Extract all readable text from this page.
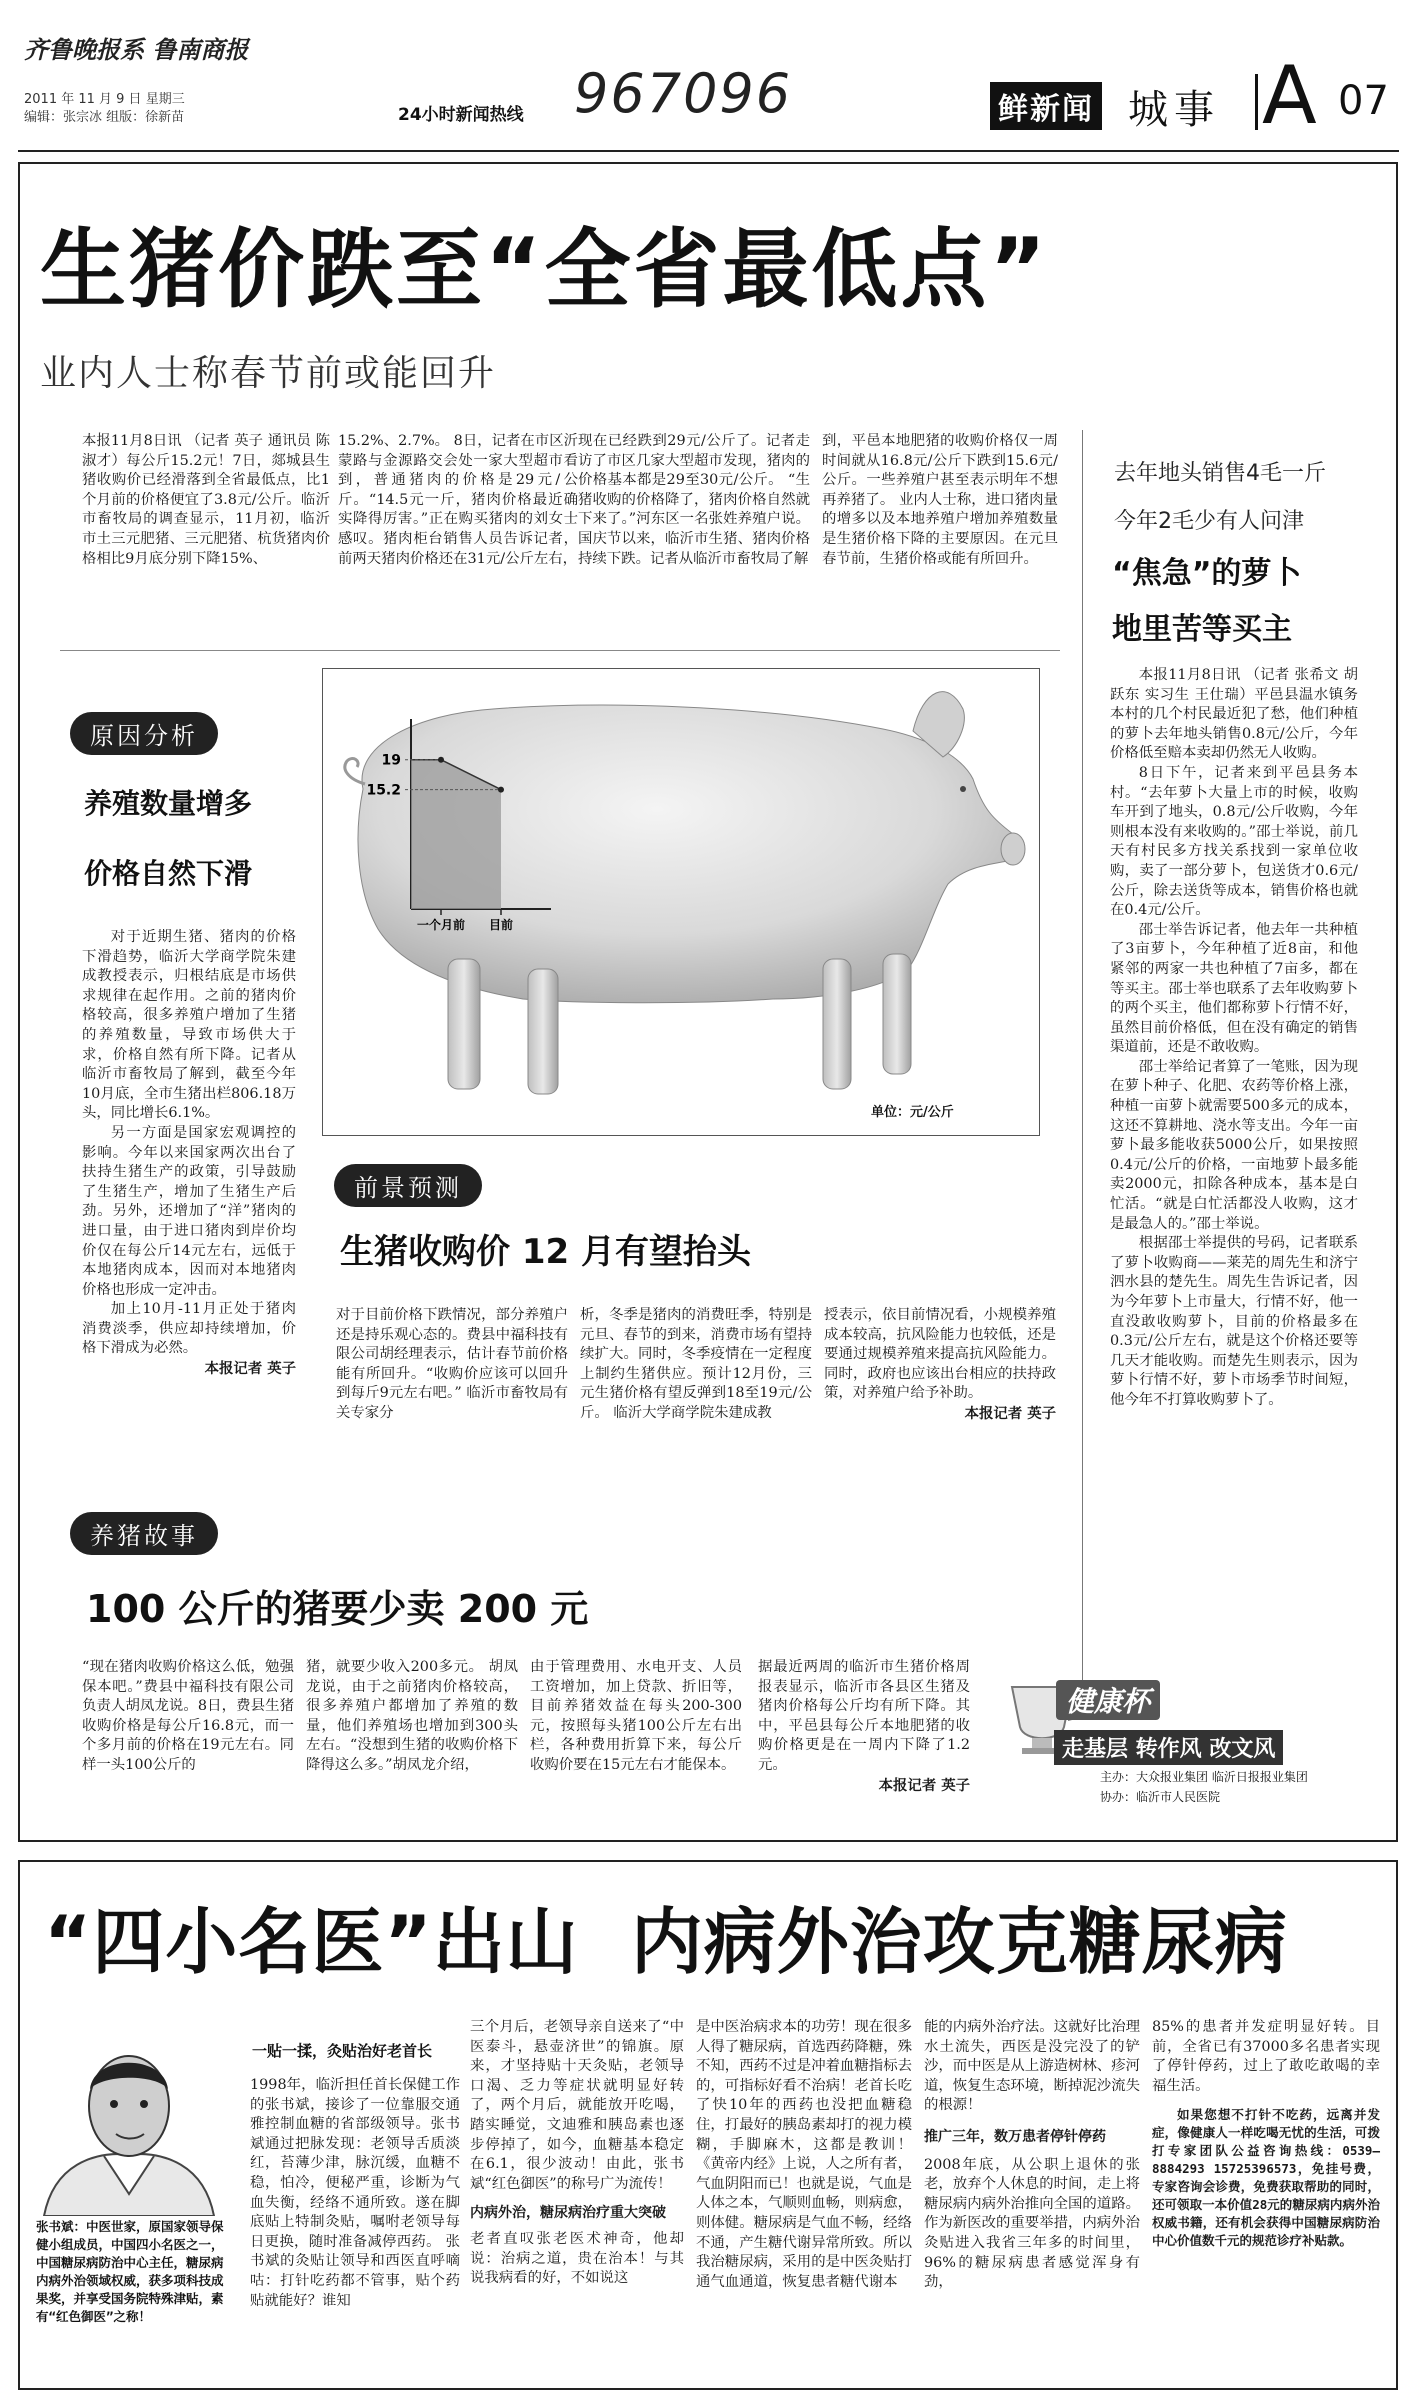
齐鲁晚报系 鲁南商报
2011 年 11 月 9 日 星期三
编辑：张宗冰 组版：徐新苗	24小时新闻热线 967096	鲜新闻 城事 A 07
生猪价跌至“全省最低点”
业内人士称春节前或能回升
本报11月8日讯 （记者 英子 通讯员 陈淑才）每公斤15.2元！7日，郯城县生猪收购价已经滑落到全省最低点，比1个月前的价格便宜了3.8元/公斤。临沂市畜牧局的调查显示，11月初，临沂市土三元肥猪、三元肥猪、杭货猪肉价格相比9月底分别下降15%、
15.2%、2.7%。 8日，记者在市区沂蒙路与金源路交会处一家大型超市看到，普通猪肉的价格是29元/公斤。“14.5元一斤，猪肉价格最近确实降得厉害。”正在购买猪肉的刘女士感叹。猪肉柜台销售人员告诉记者，前两天猪肉价格还在31元/公斤左右，
现在已经跌到29元/公斤了。记者走访了市区几家大型超市发现，猪肉的价格基本都是29至30元/公斤。 “生猪收购的价格降了，猪肉价格自然就下来了。”河东区一名张姓养殖户说。国庆节以来，临沂市生猪、猪肉价格持续下跌。记者从临沂市畜牧局了解
到，平邑本地肥猪的收购价格仅一周时间就从16.8元/公斤下跌到15.6元/公斤。一些养殖户甚至表示明年不想再养猪了。 业内人士称，进口猪肉量的增多以及本地养殖户增加养殖数量是生猪价格下降的主要原因。在元旦春节前，生猪价格或能有所回升。
19
15.2
一个月前 目前
单位：元/公斤
原因分析
养殖数量增多
价格自然下滑

对于近期生猪、猪肉的价格下滑趋势，临沂大学商学院朱建成教授表示，归根结底是市场供求规律在起作用。之前的猪肉价格较高，很多养殖户增加了生猪的养殖数量，导致市场供大于求，价格自然有所下降。记者从临沂市畜牧局了解到，截至今年10月底，全市生猪出栏806.18万头，同比增长6.1%。

另一方面是国家宏观调控的影响。今年以来国家两次出台了扶持生猪生产的政策，引导鼓励了生猪生产，增加了生猪生产后劲。另外，还增加了“洋”猪肉的进口量，由于进口猪肉到岸价均价仅在每公斤14元左右，远低于本地猪肉成本，因而对本地猪肉价格也形成一定冲击。

加上10月-11月正处于猪肉消费淡季，供应却持续增加，价格下滑成为必然。

本报记者 英子
前景预测
生猪收购价 12 月有望抬头
对于目前价格下跌情况，部分养殖户还是持乐观心态的。费县中福科技有限公司胡经理表示，估计春节前价格能有所回升。“收购价应该可以回升到每斤9元左右吧。” 临沂市畜牧局有关专家分
析，冬季是猪肉的消费旺季，特别是元旦、春节的到来，消费市场有望持续扩大。同时，冬季疫情在一定程度上制约生猪供应。预计12月份，三元生猪价格有望反弹到18至19元/公斤。 临沂大学商学院朱建成教
授表示，依目前情况看，小规模养殖成本较高，抗风险能力也较低，还是要通过规模养殖来提高抗风险能力。同时，政府也应该出台相应的扶持政策，对养殖户给予补助。
本报记者 英子
养猪故事
100 公斤的猪要少卖 200 元
“现在猪肉收购价格这么低，勉强保本吧。”费县中福科技有限公司负责人胡凤龙说。8日，费县生猪收购价格是每公斤16.8元，而一个多月前的价格在19元左右。同样一头100公斤的
猪，就要少收入200多元。 胡凤龙说，由于之前猪肉价格较高，很多养殖户都增加了养殖的数量，他们养殖场也增加到300头左右。“没想到生猪的收购价格下降得这么多。”胡凤龙介绍，
由于管理费用、水电开支、人员工资增加，加上贷款、折旧等，目前养猪效益在每头200-300元，按照每头猪100公斤左右出栏，各种费用折算下来，每公斤收购价要在15元左右才能保本。
据最近两周的临沂市生猪价格周报表显示，临沂市各县区生猪及猪肉价格每公斤均有所下降。其中，平邑县每公斤本地肥猪的收购价格更是在一周内下降了1.2元。
本报记者 英子
去年地头销售4毛一斤
今年2毛少有人问津
“焦急”的萝卜
地里苦等买主

本报11月8日讯 （记者 张希文 胡跃东 实习生 王仕瑞）平邑县温水镇务本村的几个村民最近犯了愁，他们种植的萝卜去年地头销售0.8元/公斤，今年价格低至赔本卖却仍然无人收购。

8日下午，记者来到平邑县务本村。“去年萝卜大量上市的时候，收购车开到了地头，0.8元/公斤收购，今年则根本没有来收购的。”邵士举说，前几天有村民多方找关系找到一家单位收购，卖了一部分萝卜，包送货才0.6元/公斤，除去送货等成本，销售价格也就在0.4元/公斤。

邵士举告诉记者，他去年一共种植了3亩萝卜，今年种植了近8亩，和他紧邻的两家一共也种植了7亩多，都在等买主。邵士举也联系了去年收购萝卜的两个买主，他们都称萝卜行情不好，虽然目前价格低，但在没有确定的销售渠道前，还是不敢收购。

邵士举给记者算了一笔账，因为现在萝卜种子、化肥、农药等价格上涨，种植一亩萝卜就需要500多元的成本，这还不算耕地、浇水等支出。今年一亩萝卜最多能收获5000公斤，如果按照0.4元/公斤的价格，一亩地萝卜最多能卖2000元，扣除各种成本，基本是白忙活。“就是白忙活都没人收购，这才是最急人的。”邵士举说。

根据邵士举提供的号码，记者联系了萝卜收购商——莱芜的周先生和济宁泗水县的楚先生。周先生告诉记者，因为今年萝卜上市量大，行情不好，他一直没敢收购萝卜，目前的价格最多在0.3元/公斤左右，就是这个价格还要等几天才能收购。而楚先生则表示，因为萝卜行情不好，萝卜市场季节时间短，他今年不打算收购萝卜了。

健康杯
走基层 转作风 改文风
主办：大众报业集团 临沂日报报业集团
协办：临沂市人民医院
“四小名医”出山  内病外治攻克糖尿病
张书斌：中医世家，原国家领导保健小组成员，中国四小名医之一，中国糖尿病防治中心主任，糖尿病内病外治领域权威，获多项科技成果奖，并享受国务院特殊津贴，素有“红色御医”之称！
一贴一揉，灸贴治好老首长
1998年，临沂担任首长保健工作的张书斌，接诊了一位靠服交通雅控制血糖的省部级领导。张书斌通过把脉发现：老领导舌质淡红，苔薄少津，脉沉缓，血糖不稳，怕冷，便秘严重，诊断为气血失衡，经络不通所致。遂在脚底贴上特制灸贴，嘱咐老领导每日更换，随时准备减停西药。 张书斌的灸贴让领导和西医直呼嘀咕：打针吃药都不管事，贴个药贴就能好？谁知
三个月后，老领导亲自送来了“中医泰斗，悬壶济世”的锦旗。原来，才坚持贴十天灸贴，老领导口渴、乏力等症状就明显好转了，两个月后，就能放开吃喝，踏实睡觉，文迪雅和胰岛素也逐步停掉了，如今，血糖基本稳定在6.1，很少波动！由此，张书斌“红色御医”的称号广为流传！
内病外治，糖尿病治疗重大突破
老者直叹张老医术神奇，他却说：治病之道，贵在治本！与其说我病看的好，不如说这
是中医治病求本的功劳！现在很多人得了糖尿病，首选西药降糖，殊不知，西药不过是冲着血糖指标去的，可指标好看不治病！老首长吃了快10年的西药也没把血糖稳住，打最好的胰岛素却打的视力模糊，手脚麻木，这都是教训！ 《黄帝内经》上说，人之所有者，气血阴阳而已！也就是说，气血是人体之本，气顺则血畅，则病愈，则体健。糖尿病是气血不畅，经络不通，产生糖代谢异常所致。所以我治糖尿病，采用的是中医灸贴打通气血通道，恢复患者糖代谢本
能的内病外治疗法。这就好比治理水土流失，西医是没完没了的铲沙，而中医是从上游造树林、疹河道，恢复生态环境，断掉泥沙流失的根源！
推广三年，数万患者停针停药
2008年底，从公职上退休的张老，放弃个人休息的时间，走上将糖尿病内病外治推向全国的道路。作为新医改的重要举措，内病外治灸贴进入我省三年多的时间里，96%的糖尿病患者感觉浑身有劲，
85%的患者并发症明显好转。目前，全省已有37000多名患者实现了停针停药，过上了敢吃敢喝的幸福生活。
如果您想不打针不吃药，远离并发症，像健康人一样吃喝无忧的生活，可拨打专家团队公益咨询热线：0539—8884293 15725396573，免挂号费，专家咨询会诊费，免费获取帮助的同时，还可领取一本价值28元的糖尿病内病外治权威书籍，还有机会获得中国糖尿病防治中心价值数千元的规范诊疗补贴款。
